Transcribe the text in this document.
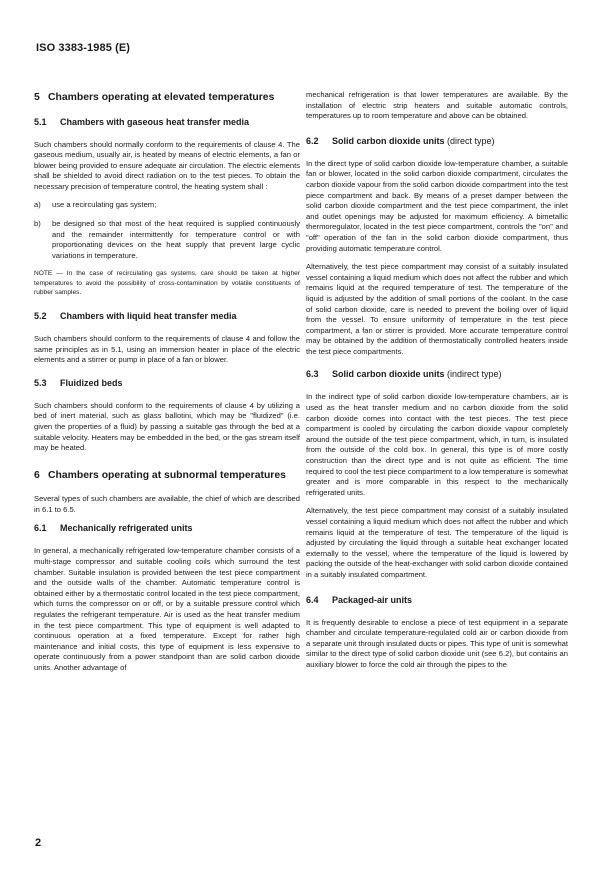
ISO 3383-1985 (E)
5 Chambers operating at elevated temperatures
5.1 Chambers with gaseous heat transfer media

Such chambers should normally conform to the requirements of clause 4. The gaseous medium, usually air, is heated by means of electric elements, a fan or blower being provided to ensure adequate air circulation. The electric elements shall be shielded to avoid direct radiation on to the test pieces. To obtain the necessary precision of temperature control, the heating system shall :

a)	use a recirculating gas system;
b)	be designed so that most of the heat required is supplied continuously and the remainder intermittently for temperature control or with proportionating devices on the heat supply that prevent large cyclic variations in temperature.
NOTE — In the case of recirculating gas systems, care should be taken at higher temperatures to avoid the possibility of cross-contamination by volatile constituents of rubber samples.
5.2 Chambers with liquid heat transfer media

Such chambers should conform to the requirements of clause 4 and follow the same principles as in 5.1, using an immersion heater in place of the electric elements and a stirrer or pump in place of a fan or blower.

5.3 Fluidized beds

Such chambers should conform to the requirements of clause 4 by utilizing a bed of inert material, such as glass ballotini, which may be "fluidized" (i.e. given the properties of a fluid) by passing a suitable gas through the bed at a suitable velocity. Heaters may be embedded in the bed, or the gas stream itself may be heated.

6 Chambers operating at subnormal temperatures

Several types of such chambers are available, the chief of which are described in 6.1 to 6.5.

6.1 Mechanically refrigerated units

In general, a mechanically refrigerated low-temperature chamber consists of a multi-stage compressor and suitable cooling coils which surround the test chamber. Suitable insulation is provided between the test piece compartment and the outside walls of the chamber. Automatic temperature control is obtained either by a thermostatic control located in the test piece compartment, which turns the compressor on or off, or by a suitable pressure control which regulates the refrigerant temperature. Air is used as the heat transfer medium in the test piece compartment. This type of equipment is well adapted to continuous operation at a fixed temperature. Except for rather high maintenance and initial costs, this type of equipment is less expensive to operate continuously from a power standpoint than are solid carbon dioxide units. Another advantage of

mechanical refrigeration is that lower temperatures are available. By the installation of electric strip heaters and suitable automatic controls, temperatures up to room temperature and above can be obtained.

6.2 Solid carbon dioxide units (direct type)

In the direct type of solid carbon dioxide low-temperature chamber, a suitable fan or blower, located in the solid carbon dioxide compartment, circulates the carbon dioxide vapour from the solid carbon dioxide compartment into the test piece compartment and back. By means of a preset damper between the solid carbon dioxide compartment and the test piece compartment, the inlet and outlet openings may be adjusted for maximum efficiency. A bimetallic thermoregulator, located in the test piece compartment, controls the "on" and "off" operation of the fan in the solid carbon dioxide compartment, thus providing automatic temperature control.

Alternatively, the test piece compartment may consist of a suitably insulated vessel containing a liquid medium which does not affect the rubber and which remains liquid at the required temperature of test. The temperature of the liquid is adjusted by the addition of small portions of the coolant. In the case of solid carbon dioxide, care is needed to prevent the boiling over of liquid from the vessel. To ensure uniformity of temperature in the test piece compartment, a fan or stirrer is provided. More accurate temperature control may be obtained by the addition of thermostatically controlled heaters inside the test piece compartments.

6.3 Solid carbon dioxide units (indirect type)

In the indirect type of solid carbon dioxide low-temperature chambers, air is used as the heat transfer medium and no carbon dioxide from the solid carbon dioxide comes into contact with the test pieces. The test piece compartment is cooled by circulating the carbon dioxide vapour completely around the outside of the test piece compartment, which, in turn, is insulated from the outside of the cold box. In general, this type is of more costly construction than the direct type and is not quite as efficient. The time required to cool the test piece compartment to a low temperature is somewhat greater and is more comparable in this respect to the mechanically refrigerated units.

Alternatively, the test piece compartment may consist of a suitably insulated vessel containing a liquid medium which does not affect the rubber and which remains liquid at the temperature of test. The temperature of the liquid is adjusted by circulating the liquid through a suitable heat exchanger located externally to the vessel, where the temperature of the liquid is lowered by packing the outside of the heat-exchanger with solid carbon dioxide contained in a suitably insulated compartment.

6.4 Packaged-air units

It is frequently desirable to enclose a piece of test equipment in a separate chamber and circulate temperature-regulated cold air or carbon dioxide from a separate unit through insulated ducts or pipes. This type of unit is somewhat similar to the direct type of solid carbon dioxide unit (see 6.2), but contains an auxiliary blower to force the cold air through the pipes to the

2
